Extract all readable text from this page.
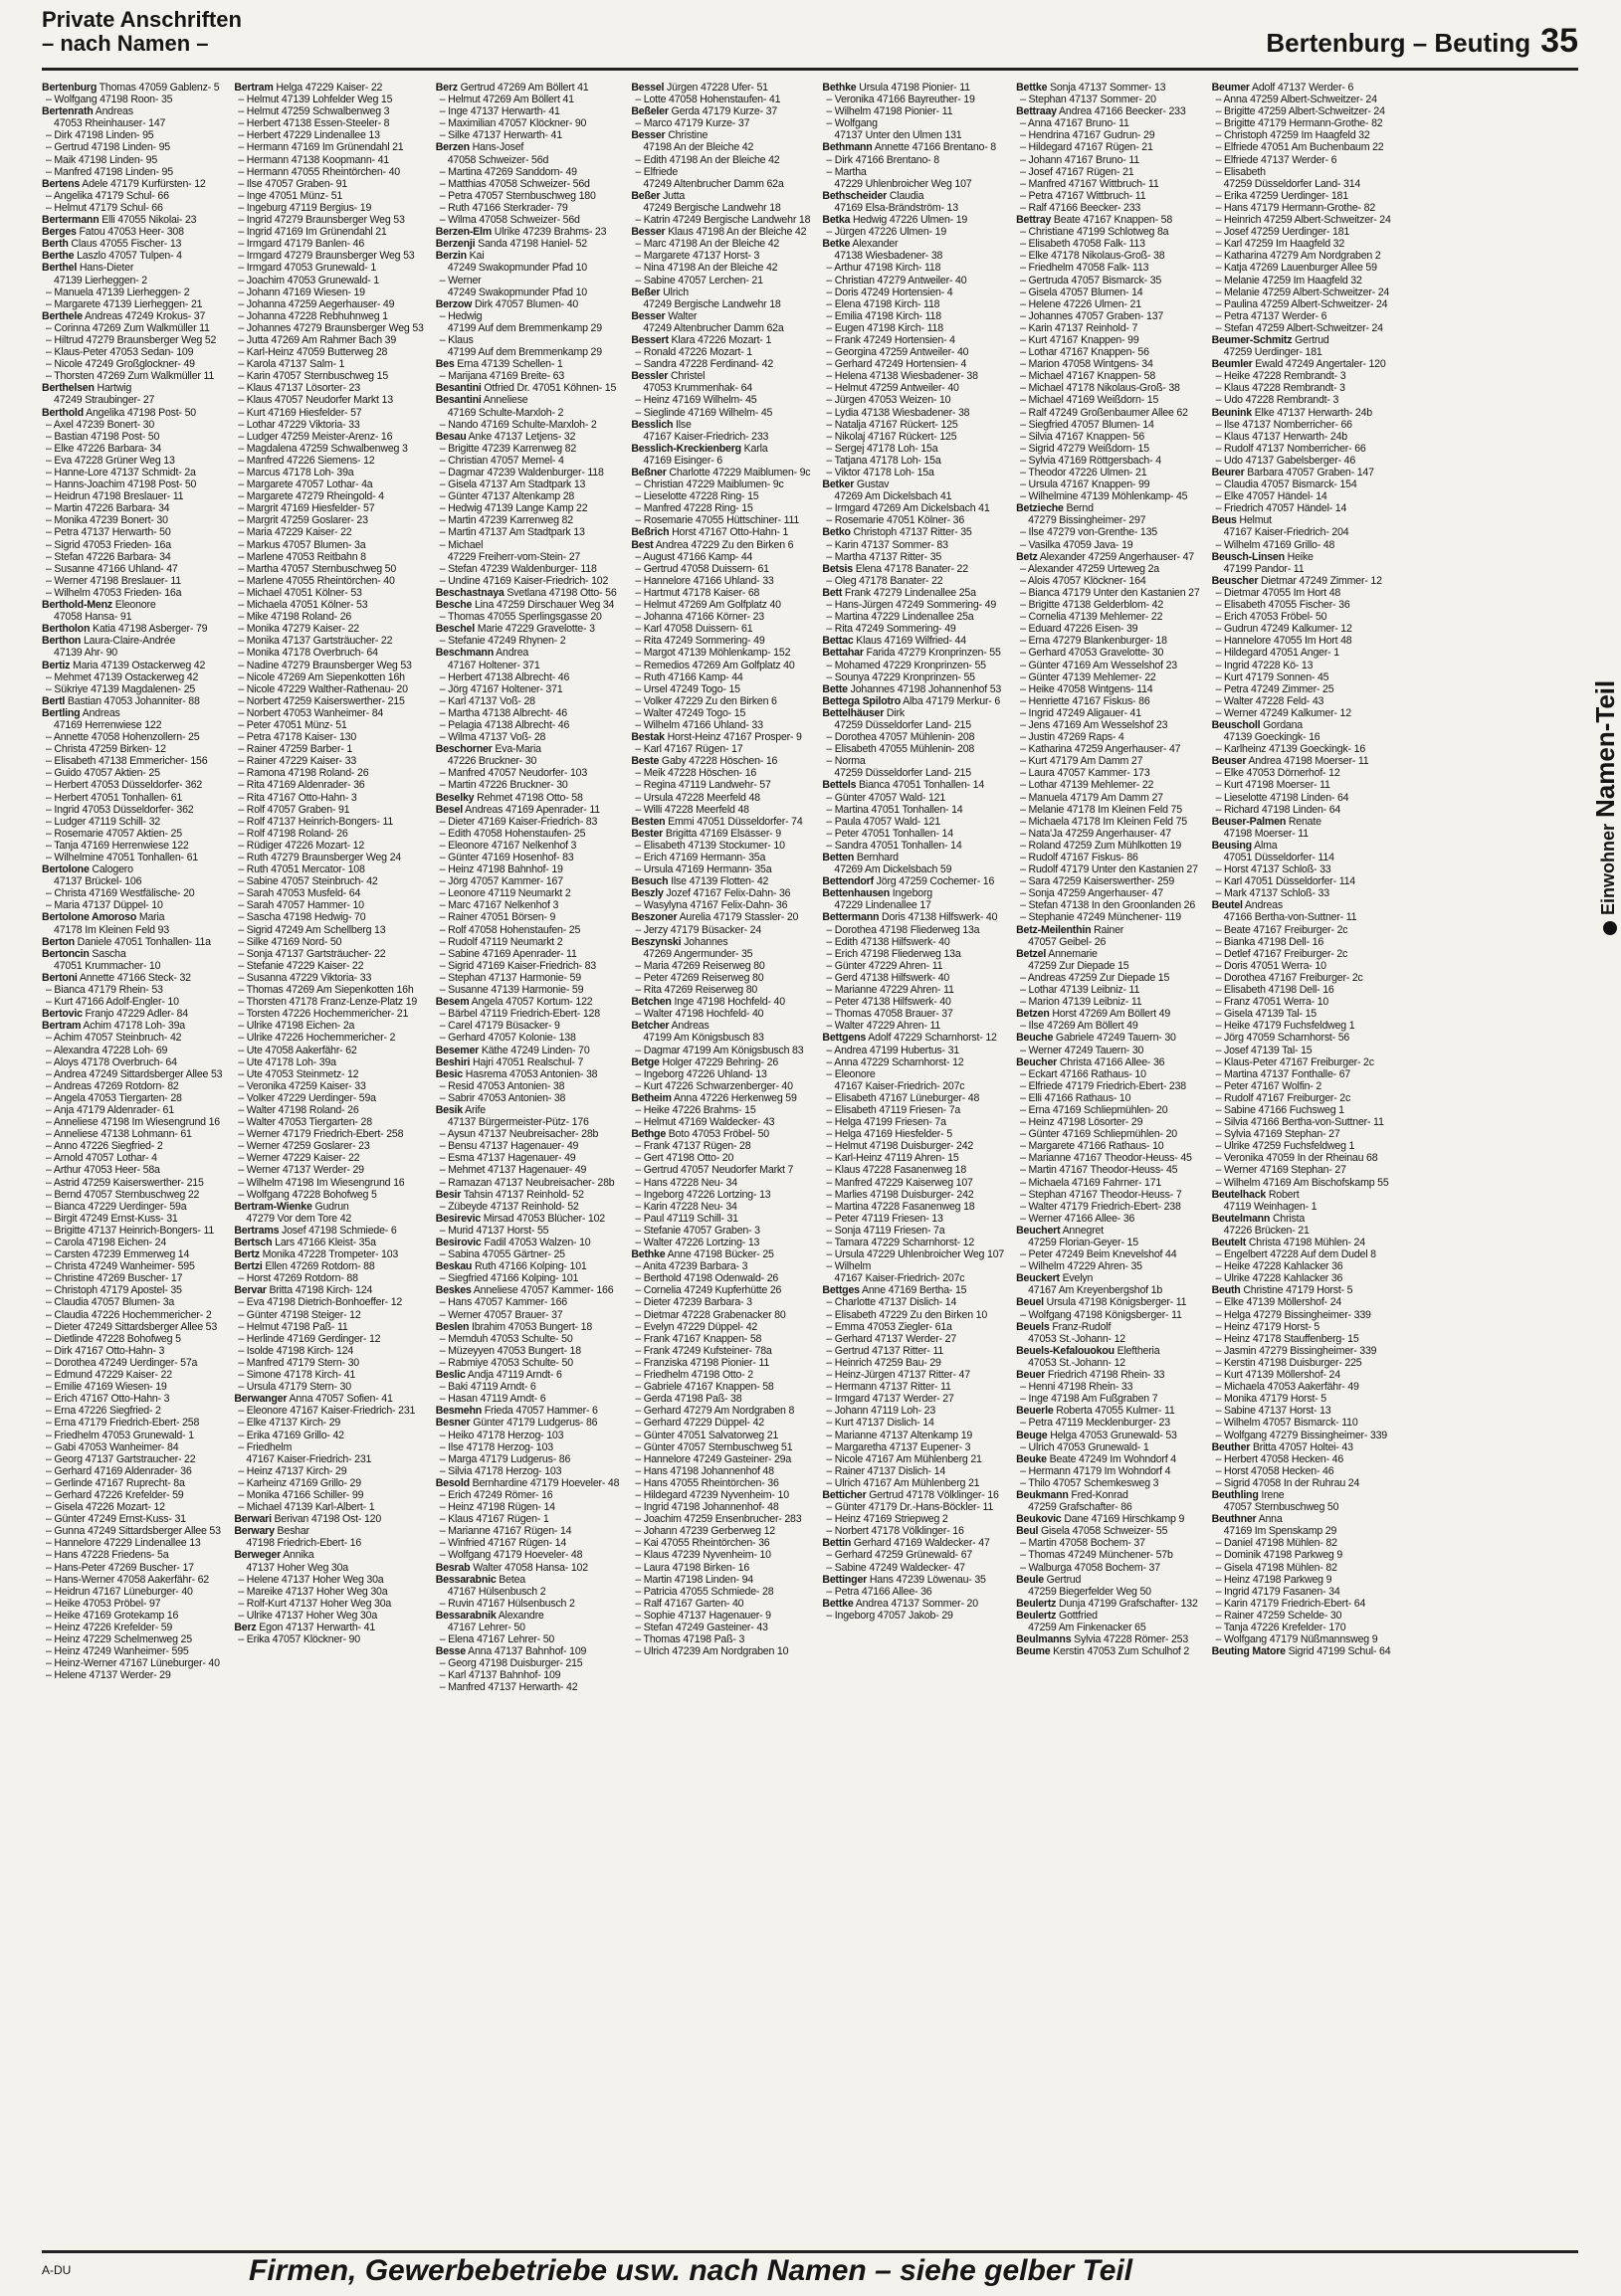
Private Anschriften
– nach Namen –	Bertenburg – Beuting 35
Bertenburg Thomas 47059 Gablenz- 5
– Wolfgang 47198 Roon- 35
Bertenrath Andreas
47053 Rheinhauser- 147
– Dirk 47198 Linden- 95
– Gertrud 47198 Linden- 95
– Maik 47198 Linden- 95
– Manfred 47198 Linden- 95
Bertens Adele 47179 Kurfürsten- 12
– Angelika 47179 Schul- 66
– Helmut 47179 Schul- 66
Bertermann Elli 47055 Nikolai- 23
Berges Fatou 47053 Heer- 308
Berth Claus 47055 Fischer- 13
Berthe Laszlo 47057 Tulpen- 4
Berthel Hans-Dieter
47139 Lierheggen- 2
– Manuela 47139 Lierheggen- 2
– Margarete 47139 Lierheggen- 21
Berthele Andreas 47249 Krokus- 37
– Corinna 47269 Zum Walkmüller 11
– Hiltrud 47279 Braunsberger Weg 52
– Klaus-Peter 47053 Sedan- 109
– Nicole 47249 Großglockner- 49
– Thorsten 47269 Zum Walkmüller 11
Berthelsen Hartwig
47249 Straubinger- 27
Berthold Angelika 47198 Post- 50
– Axel 47239 Bonert- 30
– Bastian 47198 Post- 50
– Elke 47226 Barbara- 34
– Eva 47228 Grüner Weg 13
– Hanne-Lore 47137 Schmidt- 2a
– Hanns-Joachim 47198 Post- 50
– Heidrun 47198 Breslauer- 11
– Martin 47226 Barbara- 34
– Monika 47239 Bonert- 30
– Petra 47137 Herwarth- 50
– Sigrid 47053 Frieden- 16a
– Stefan 47226 Barbara- 34
– Susanne 47166 Uhland- 47
– Werner 47198 Breslauer- 11
– Wilhelm 47053 Frieden- 16a
Berthold-Menz Eleonore
47058 Hansa- 91
Bertholon Katia 47198 Asberger- 79
Berthon Laura-Claire-Andrée
47139 Ahr- 90
Bertiz Maria 47139 Ostackerweg 42
– Mehmet 47139 Ostackerweg 42
– Sükriye 47139 Magdalenen- 25
Bertl Bastian 47053 Johanniter- 88
Bertling Andreas
47169 Herrenwiese 122
– Annette 47058 Hohenzollern- 25
– Christa 47259 Birken- 12
– Elisabeth 47138 Emmericher- 156
– Guido 47057 Aktien- 25
– Herbert 47053 Düsseldorfer- 362
– Herbert 47051 Tonhallen- 61
– Ingrid 47053 Düsseldorfer- 362
– Ludger 47119 Schill- 32
– Rosemarie 47057 Aktien- 25
– Tanja 47169 Herrenwiese 122
– Wilhelmine 47051 Tonhallen- 61
Bertolone Calogero
47137 Brückel- 106
– Christa 47169 Westfälische- 20
– Maria 47137 Düppel- 10
Bertolone Amoroso Maria
47178 Im Kleinen Feld 93
Berton Daniele 47051 Tonhallen- 11a
Bertoncin Sascha
47051 Krummacher- 10
Bertoni Annette 47166 Steck- 32
– Bianca 47179 Rhein- 53
– Kurt 47166 Adolf-Engler- 10
Bertovic Franjo 47229 Adler- 84
Bertram Achim 47178 Loh- 39a
– Achim 47057 Steinbruch- 42
– Alexandra 47228 Loh- 69
– Aloys 47178 Overbruch- 64
– Andrea 47249 Sittardsberger Allee 53
– Andreas 47269 Rotdorn- 82
– Angela 47053 Tiergarten- 28
– Anja 47179 Aldenrader- 61
– Anneliese 47198 Im Wiesengrund 16
– Anneliese 47138 Lohmann- 61
– Anno 47226 Siegfried- 2
– Arnold 47057 Lothar- 4
– Arthur 47053 Heer- 58a
– Astrid 47259 Kaiserswerther- 215
– Bernd 47057 Sternbuschweg 22
– Bianca 47229 Uerdinger- 59a
– Birgit 47249 Ernst-Kuss- 31
– Brigitte 47137 Heinrich-Bongers- 11
– Carola 47198 Eichen- 24
– Carsten 47239 Emmerweg 14
– Christa 47249 Wanheimer- 595
– Christine 47269 Buscher- 17
– Christoph 47179 Apostel- 35
– Claudia 47057 Blumen- 3a
– Claudia 47226 Hochemmericher- 2
– Dieter 47249 Sittardsberger Allee 53
– Dietlinde 47228 Bohofweg 5
– Dirk 47167 Otto-Hahn- 3
– Dorothea 47249 Uerdinger- 57a
– Edmund 47229 Kaiser- 22
– Emilie 47169 Wiesen- 19
– Erich 47167 Otto-Hahn- 3
– Erna 47226 Siegfried- 2
– Erna 47179 Friedrich-Ebert- 258
– Friedhelm 47053 Grunewald- 1
– Gabi 47053 Wanheimer- 84
– Georg 47137 Gartstraucher- 22
– Gerhard 47169 Aldenrader- 36
– Gerlinde 47167 Ruprecht- 8a
– Gerhard 47226 Krefelder- 59
– Gisela 47226 Mozart- 12
– Günter 47249 Ernst-Kuss- 31
– Gunna 47249 Sittardsberger Allee 53
– Hannelore 47229 Lindenallee 13
– Hans 47228 Friedens- 5a
– Hans-Peter 47269 Buscher- 17
– Hans-Werner 47058 Aakerfähr- 62
– Heidrun 47167 Lüneburger- 40
– Heike 47053 Pröbel- 97
– Heike 47169 Grotekamp 16
– Heinz 47226 Krefelder- 59
– Heinz 47229 Schelmenweg 25
– Heinz 47249 Wanheimer- 595
– Heinz-Werner 47167 Lüneburger- 40
– Helene 47137 Werder- 29
Bertram Helga 47229 Kaiser- 22
– Helmut 47139 Lohfelder Weg 15
– Helmut 47259 Schwalbenweg 3
– Herbert 47138 Essen-Steeler- 8
– Herbert 47229 Lindenallee 13
– Hermann 47169 Im Grünendahl 21
– Hermann 47138 Koopmann- 41
– Hermann 47055 Rheintörchen- 40
– Ilse 47057 Graben- 91
– Inge 47051 Münz- 51
– Ingeburg 47119 Bergius- 19
– Ingrid 47279 Braunsberger Weg 53
– Ingrid 47169 Im Grünendahl 21
– Irmgard 47179 Banlen- 46
– Irmgard 47279 Braunsberger Weg 53
– Irmgard 47053 Grunewald- 1
– Joachim 47053 Grunewald- 1
– Johann 47169 Wiesen- 19
– Johanna 47259 Aegerhauser- 49
– Johanna 47228 Rebhuhnweg 1
– Johannes 47279 Braunsberger Weg 53
– Jutta 47269 Am Rahmer Bach 39
– Karl-Heinz 47059 Butterweg 28
– Karola 47137 Salm- 1
– Karin 47057 Sternbuschweg 15
– Klaus 47137 Lösorter- 23
– Klaus 47057 Neudorfer Markt 13
– Kurt 47169 Hiesfelder- 57
– Lothar 47229 Viktoria- 33
– Ludger 47259 Meister-Arenz- 16
– Magdalena 47259 Schwalbenweg 3
– Manfred 47226 Siemens- 12
– Marcus 47178 Loh- 39a
– Margarete 47057 Lothar- 4a
– Margarete 47279 Rheingold- 4
– Margrit 47169 Hiesfelder- 57
– Margrit 47259 Goslarer- 23
– Maria 47229 Kaiser- 22
– Markus 47057 Blumen- 3a
– Marlene 47053 Reitbahn 8
– Martha 47057 Sternbuschweg 50
– Marlene 47055 Rheintörchen- 40
– Michael 47051 Kölner- 53
– Michaela 47051 Kölner- 53
– Mike 47198 Roland- 26
– Monika 47279 Kaiser- 22
– Monika 47137 Gartsträucher- 22
– Monika 47178 Overbruch- 64
– Nadine 47279 Braunsberger Weg 53
– Nicole 47269 Am Siepenkotten 16h
– Nicole 47229 Walther-Rathenau- 20
– Norbert 47259 Kaiserswerther- 215
– Norbert 47053 Wanheimer- 84
– Peter 47051 Münz- 51
– Petra 47178 Kaiser- 130
– Rainer 47259 Barber- 1
– Rainer 47229 Kaiser- 33
– Ramona 47198 Roland- 26
– Rita 47169 Aldenrader- 36
– Rita 47167 Otto-Hahn- 3
– Rolf 47057 Graben- 91
– Rolf 47137 Heinrich-Bongers- 11
– Rolf 47198 Roland- 26
– Rüdiger 47226 Mozart- 12
– Ruth 47279 Braunsberger Weg 24
– Ruth 47051 Mercator- 108
– Sabine 47057 Steinbruch- 42
– Sarah 47053 Musfeld- 64
– Sarah 47057 Hammer- 10
– Sascha 47198 Hedwig- 70
– Sigrid 47249 Am Schellberg 13
– Silke 47169 Nord- 50
– Sonja 47137 Gartsträucher- 22
– Stefanie 47229 Kaiser- 22
– Susanna 47229 Viktoria- 33
– Thomas 47269 Am Siepenkotten 16h
– Thorsten 47178 Franz-Lenze-Platz 19
– Torsten 47226 Hochemmericher- 21
– Ulrike 47198 Eichen- 2a
– Ulrike 47226 Hochemmericher- 2
– Ute 47058 Aakerfähr- 62
– Ute 47178 Loh- 39a
– Ute 47053 Steinmetz- 12
– Veronika 47259 Kaiser- 33
– Volker 47229 Uerdinger- 59a
– Walter 47198 Roland- 26
– Walter 47053 Tiergarten- 28
– Werner 47179 Friedrich-Ebert- 258
– Werner 47259 Goslarer- 23
– Werner 47229 Kaiser- 22
– Werner 47137 Werder- 29
– Wilhelm 47198 Im Wiesengrund 16
– Wolfgang 47228 Bohofweg 5
Bertram-Wienke Gudrun
47279 Vor dem Tore 42
Bertrams Josef 47198 Schmiede- 6
Bertsch Lars 47166 Kleist- 35a
Bertz Monika 47228 Trompeter- 103
Bertzi Ellen 47269 Rotdorn- 88
– Horst 47269 Rotdorn- 88
Bervar Britta 47198 Kirch- 124
– Eva 47198 Dietrich-Bonhoeffer- 12
– Günter 47198 Steiger- 12
– Helmut 47198 Paß- 11
– Herlinde 47169 Gerdinger- 12
– Isolde 47198 Kirch- 124
– Manfred 47179 Stern- 30
– Simone 47178 Kirch- 41
– Ursula 47179 Stern- 30
Berwanger Anna 47057 Sofien- 41
– Eleonore 47167 Kaiser-Friedrich- 231
– Elke 47137 Kirch- 29
– Erika 47169 Grillo- 42
– Friedhelm
47167 Kaiser-Friedrich- 231
– Heinz 47137 Kirch- 29
– Karheinz 47169 Grillo- 29
– Monika 47166 Schiller- 99
– Michael 47139 Karl-Albert- 1
Berwari Berivan 47198 Ost- 120
Berwary Beshar
47198 Friedrich-Ebert- 16
Berweger Annika
47137 Hoher Weg 30a
– Helene 47137 Hoher Weg 30a
– Mareike 47137 Hoher Weg 30a
– Rolf-Kurt 47137 Hoher Weg 30a
– Ulrike 47137 Hoher Weg 30a
Berz Egon 47137 Herwarth- 41
– Erika 47057 Klöckner- 90
Berz Gertrud 47269 Am Böllert 41
– Helmut 47269 Am Böllert 41
– Inge 47137 Herwarth- 41
– Maximilian 47057 Klöckner- 90
– Silke 47137 Herwarth- 41
Berzen Hans-Josef
47058 Schweizer- 56d
– Martina 47269 Sanddorn- 49
– Matthias 47058 Schweizer- 56d
– Petra 47057 Sternbuschweg 180
– Ruth 47166 Sterkrader- 79
– Wilma 47058 Schweizer- 56d
Berzen-Elm Ulrike 47239 Brahms- 23
Berzenji Sanda 47198 Haniel- 52
Berzin Kai
47249 Swakopmunder Pfad 10
– Werner
47249 Swakopmunder Pfad 10
Berzow Dirk 47057 Blumen- 40
– Hedwig
47199 Auf dem Bremmenkamp 29
– Klaus
47199 Auf dem Bremmenkamp 29
Bes Erna 47139 Schellen- 1
– Marijana 47169 Breite- 63
Besantini Otfried Dr. 47051 Köhnen- 15
Besantini Anneliese
47169 Schulte-Marxloh- 2
– Nando 47169 Schulte-Marxloh- 2
Besau Anke 47137 Letjens- 32
– Brigitte 47239 Karrenweg 82
– Christian 47057 Memel- 4
– Dagmar 47239 Waldenburger- 118
– Gisela 47137 Am Stadtpark 13
– Günter 47137 Altenkamp 28
– Hedwig 47139 Lange Kamp 22
– Martin 47239 Karrenweg 82
– Martin 47137 Am Stadtpark 13
– Michael
47229 Freiherr-vom-Stein- 27
– Stefan 47239 Waldenburger- 118
– Undine 47169 Kaiser-Friedrich- 102
Beschastnaya Svetlana 47198 Otto- 56
Besche Lina 47259 Dirschauer Weg 34
– Thomas 47055 Sperlingsgasse 20
Beschel Marie 47229 Gravelotte- 3
– Stefanie 47249 Rhynen- 2
Beschmann Andrea
47167 Holtener- 371
– Herbert 47138 Albrecht- 46
– Jörg 47167 Holtener- 371
– Karl 47137 Voß- 28
– Martha 47138 Albrecht- 46
– Pelagia 47138 Albrecht- 46
– Wilma 47137 Voß- 28
Beschorner Eva-Maria
47226 Bruckner- 30
– Manfred 47057 Neudorfer- 103
– Martin 47226 Bruckner- 30
Beselky Rehmet 47198 Otto- 58
Besel Andreas 47169 Apenrader- 11
– Dieter 47169 Kaiser-Friedrich- 83
– Edith 47058 Hohenstaufen- 25
– Eleonore 47167 Nelkenhof 3
– Günter 47169 Hosenhof- 83
– Heinz 47198 Bahnhof- 19
– Jörg 47057 Kammer- 167
– Leonore 47119 Neumarkt 2
– Marc 47167 Nelkenhof 3
– Rainer 47051 Börsen- 9
– Rolf 47058 Hohenstaufen- 25
– Rudolf 47119 Neumarkt 2
– Sabine 47169 Apenrader- 11
– Sigrid 47169 Kaiser-Friedrich- 83
– Stephan 47137 Harmonie- 59
– Susanne 47139 Harmonie- 59
Besem Angela 47057 Kortum- 122
– Bärbel 47119 Friedrich-Ebert- 128
– Carel 47179 Büsacker- 9
– Gerhard 47057 Kolonie- 138
Besemer Käthe 47249 Linden- 70
Beshiri Hajri 47051 Realschul- 7
Besic Hasrema 47053 Antonien- 38
– Resid 47053 Antonien- 38
– Sabrir 47053 Antonien- 38
Besik Arife
47137 Bürgermeister-Pütz- 176
– Aysun 47137 Neubreisacher- 28b
– Bensu 47137 Hagenauer- 49
– Esma 47137 Hagenauer- 49
– Mehmet 47137 Hagenauer- 49
– Ramazan 47137 Neubreisacher- 28b
Besir Tahsin 47137 Reinhold- 52
– Zübeyde 47137 Reinhold- 52
Besirevic Mirsad 47053 Blücher- 102
– Murid 47137 Horst- 55
Besirovic Fadil 47053 Walzen- 10
– Sabina 47055 Gärtner- 25
Beskau Ruth 47166 Kolping- 101
– Siegfried 47166 Kolping- 101
Beskes Anneliese 47057 Kammer- 166
– Hans 47057 Kammer- 166
– Werner 47057 Brauer- 37
Beslen Ibrahim 47053 Bungert- 18
– Memduh 47053 Schulte- 50
– Müzeyyen 47053 Bungert- 18
– Rabmiye 47053 Schulte- 50
Beslic Andja 47119 Arndt- 6
– Baki 47119 Arndt- 6
– Hasan 47119 Arndt- 6
Besmehn Frieda 47057 Hammer- 6
Besner Günter 47179 Ludgerus- 86
– Heiko 47178 Herzog- 103
– Ilse 47178 Herzog- 103
– Marga 47179 Ludgerus- 86
– Silvia 47178 Herzog- 103
Besold Bernhardine 47179 Hoeveler- 48
– Erich 47249 Römer- 16
– Heinz 47198 Rügen- 14
– Klaus 47167 Rügen- 1
– Marianne 47167 Rügen- 14
– Winfried 47167 Rügen- 14
– Wolfgang 47179 Hoeveler- 48
Besrab Walter 47058 Hansa- 102
Bessarabnic Betea
47167 Hülsenbusch 2
– Ruvin 47167 Hülsenbusch 2
Bessarabnik Alexandre
47167 Lehrer- 50
– Elena 47167 Lehrer- 50
Besse Anna 47137 Bahnhof- 109
– Georg 47198 Duisburger- 215
– Karl 47137 Bahnhof- 109
– Manfred 47137 Herwarth- 42
Bessel Jürgen 47228 Ufer- 51
– Lotte 47058 Hohenstaufen- 41
Beßeler Gerda 47179 Kurze- 37
– Marco 47179 Kurze- 37
Besser Christine
47198 An der Bleiche 42
– Edith 47198 An der Bleiche 42
– Elfriede
47249 Altenbrucher Damm 62a
Beßer Jutta
47249 Bergische Landwehr 18
– Katrin 47249 Bergische Landwehr 18
Besser Klaus 47198 An der Bleiche 42
– Marc 47198 An der Bleiche 42
– Margarete 47137 Horst- 3
– Nina 47198 An der Bleiche 42
– Sabine 47057 Lerchen- 21
Beßer Ulrich
47249 Bergische Landwehr 18
Besser Walter
47249 Altenbrucher Damm 62a
Bessert Klara 47226 Mozart- 1
– Ronald 47226 Mozart- 1
– Sandra 47228 Ferdinand- 42
Bessler Christel
47053 Krummenhak- 64
– Heinz 47169 Wilhelm- 45
– Sieglinde 47169 Wilhelm- 45
Besslich Ilse
47167 Kaiser-Friedrich- 233
Besslich-Kreckienberg Karla
47169 Eisinger- 6
Beßner Charlotte 47229 Maiblumen- 9c
– Christian 47229 Maiblumen- 9c
– Lieselotte 47228 Ring- 15
– Manfred 47228 Ring- 15
– Rosemarie 47055 Hüttschiner- 111
Beßrich Horst 47167 Otto-Hahn- 1
Best Andrea 47229 Zu den Birken 6
– August 47166 Kamp- 44
– Gertrud 47058 Duissern- 61
– Hannelore 47166 Uhland- 33
– Hartmut 47178 Kaiser- 68
– Helmut 47269 Am Golfplatz 40
– Johanna 47166 Körner- 23
– Karl 47058 Duissern- 61
– Rita 47249 Sommering- 49
– Margot 47139 Möhlenkamp- 152
– Remedios 47269 Am Golfplatz 40
– Ruth 47166 Kamp- 44
– Ursel 47249 Togo- 15
– Volker 47229 Zu den Birken 6
– Walter 47249 Togo- 15
– Wilhelm 47166 Uhland- 33
Bestak Horst-Heinz 47167 Prosper- 9
– Karl 47167 Rügen- 17
Beste Gaby 47228 Höschen- 16
– Meik 47228 Höschen- 16
– Regina 47119 Landwehr- 57
– Ursula 47228 Meerfeld 48
– Willi 47228 Meerfeld 48
Besten Emmi 47051 Düsseldorfer- 74
Bester Brigitta 47169 Elsässer- 9
– Elisabeth 47139 Stockumer- 10
– Erich 47169 Hermann- 35a
– Ursula 47169 Hermann- 35a
Besuch Ilse 47139 Flotten- 42
Beszly Jozef 47167 Felix-Dahn- 36
– Wasylyna 47167 Felix-Dahn- 36
Beszoner Aurelia 47179 Stassler- 20
– Jerzy 47179 Büsacker- 24
Beszynski Johannes
47269 Angermunder- 35
– Maria 47269 Reiserweg 80
– Peter 47269 Reiserweg 80
– Rita 47269 Reiserweg 80
Betchen Inge 47198 Hochfeld- 40
– Walter 47198 Hochfeld- 40
Betcher Andreas
47199 Am Königsbusch 83
– Dagmar 47199 Am Königsbusch 83
Betge Holger 47229 Behring- 26
– Ingeborg 47226 Uhland- 13
– Kurt 47226 Schwarzenberger- 40
Betheim Anna 47226 Herkenweg 59
– Heike 47226 Brahms- 15
– Helmut 47169 Waldecker- 43
Bethge Boto 47053 Fröbel- 50
– Frank 47137 Rügen- 28
– Gert 47198 Otto- 20
– Gertrud 47057 Neudorfer Markt 7
– Hans 47228 Neu- 34
– Ingeborg 47226 Lortzing- 13
– Karin 47228 Neu- 34
– Paul 47119 Schill- 31
– Stefanie 47057 Graben- 3
– Walter 47226 Lortzing- 13
Bethke Anne 47198 Bücker- 25
– Anita 47239 Barbara- 3
– Berthold 47198 Odenwald- 26
– Cornelia 47249 Kupferhütte 26
– Dieter 47239 Barbara- 3
– Dietmar 47228 Grabenacker 80
– Evelyn 47229 Düppel- 42
– Frank 47167 Knappen- 58
– Frank 47249 Kufsteiner- 78a
– Franziska 47198 Pionier- 11
– Friedhelm 47198 Otto- 2
– Gabriele 47167 Knappen- 58
– Gerda 47198 Paß- 38
– Gerhard 47279 Am Nordgraben 8
– Gerhard 47229 Düppel- 42
– Günter 47051 Salvatorweg 21
– Günter 47057 Sternbuschweg 51
– Hannelore 47249 Gasteiner- 29a
– Hans 47198 Johannenhof 48
– Hans 47055 Rheintörchen- 36
– Hildegard 47239 Nyvenheim- 10
– Ingrid 47198 Johannenhof- 48
– Joachim 47259 Ensenbrucher- 283
– Johann 47239 Gerberweg 12
– Kai 47055 Rheintörchen- 36
– Klaus 47239 Nyvenheim- 10
– Laura 47198 Birken- 16
– Martin 47198 Linden- 94
– Patricia 47055 Schmiede- 28
– Ralf 47167 Garten- 40
– Sophie 47137 Hagenauer- 9
– Stefan 47249 Gasteiner- 43
– Thomas 47198 Paß- 3
– Ulrich 47239 Am Nordgraben 10
Bethke Ursula 47198 Pionier- 11
– Veronika 47166 Bayreuther- 19
– Wilhelm 47198 Pionier- 11
– Wolfgang
47137 Unter den Ulmen 131
Bethmann Annette 47166 Brentano- 8
– Dirk 47166 Brentano- 8
– Martha
47229 Uhlenbroicher Weg 107
Bethscheider Claudia
47169 Elsa-Brändström- 13
Betka Hedwig 47226 Ulmen- 19
– Jürgen 47226 Ulmen- 19
Betke Alexander
47138 Wiesbadener- 38
– Arthur 47198 Kirch- 118
– Christian 47279 Antweiler- 40
– Doris 47249 Hortensien- 4
– Elena 47198 Kirch- 118
– Emilia 47198 Kirch- 118
– Eugen 47198 Kirch- 118
– Frank 47249 Hortensien- 4
– Georgina 47259 Antweiler- 40
– Gerhard 47249 Hortensien- 4
– Helena 47138 Wiesbadener- 38
– Helmut 47259 Antweiler- 40
– Jürgen 47053 Weizen- 10
– Lydia 47138 Wiesbadener- 38
– Natalja 47167 Rückert- 125
– Nikolaj 47167 Rückert- 125
– Sergej 47178 Loh- 15a
– Tatjana 47178 Loh- 15a
– Viktor 47178 Loh- 15a
Betker Gustav
47269 Am Dickelsbach 41
– Irmgard 47269 Am Dickelsbach 41
– Rosemarie 47051 Kölner- 36
Betko Christoph 47137 Ritter- 35
– Karin 47137 Sommer- 83
– Martha 47137 Ritter- 35
Betsis Elena 47178 Banater- 22
– Oleg 47178 Banater- 22
Bett Frank 47279 Lindenallee 25a
– Hans-Jürgen 47249 Sommering- 49
– Martina 47229 Lindenallee 25a
– Rita 47249 Sommering- 49
Bettac Klaus 47169 Wilfried- 44
Bettahar Farida 47279 Kronprinzen- 55
– Mohamed 47229 Kronprinzen- 55
– Sounya 47229 Kronprinzen- 55
Bette Johannes 47198 Johannenhof 53
Bettega Spilotro Alba 47179 Merkur- 6
Bettelhäuser Dirk
47259 Düsseldorfer Land- 215
– Dorothea 47057 Mühlenin- 208
– Elisabeth 47055 Mühlenin- 208
– Norma
47259 Düsseldorfer Land- 215
Bettels Bianca 47051 Tonhallen- 14
– Günter 47057 Wald- 121
– Martina 47051 Tonhallen- 14
– Paula 47057 Wald- 121
– Peter 47051 Tonhallen- 14
– Sandra 47051 Tonhallen- 14
Betten Bernhard
47269 Am Dickelsbach 59
Bettendorf Jörg 47259 Cochemer- 16
Bettenhausen Ingeborg
47229 Lindenallee 17
Bettermann Doris 47138 Hilfswerk- 40
– Dorothea 47198 Fliederweg 13a
– Edith 47138 Hilfswerk- 40
– Erich 47198 Fliederweg 13a
– Günter 47229 Ahren- 11
– Gerd 47138 Hilfswerk- 40
– Marianne 47229 Ahren- 11
– Peter 47138 Hilfswerk- 40
– Thomas 47058 Brauer- 37
– Walter 47229 Ahren- 11
Bettgens Adolf 47229 Scharnhorst- 12
– Andrea 47199 Hubertus- 31
– Anna 47229 Scharnhorst- 12
– Eleonore
47167 Kaiser-Friedrich- 207c
– Elisabeth 47167 Lüneburger- 48
– Elisabeth 47119 Friesen- 7a
– Helga 47199 Friesen- 7a
– Helga 47169 Hiesfelder- 5
– Helmut 47198 Duisburger- 242
– Karl-Heinz 47119 Ahren- 15
– Klaus 47228 Fasanenweg 18
– Manfred 47229 Kaiserweg 107
– Marlies 47198 Duisburger- 242
– Martina 47228 Fasanenweg 18
– Peter 47119 Friesen- 13
– Sonja 47119 Friesen- 7a
– Tamara 47229 Scharnhorst- 12
– Ursula 47229 Uhlenbroicher Weg 107
– Wilhelm
47167 Kaiser-Friedrich- 207c
Bettges Anne 47169 Bertha- 15
– Charlotte 47137 Dislich- 14
– Elisabeth 47229 Zu den Birken 10
– Emma 47053 Ziegler- 61a
– Gerhard 47137 Werder- 27
– Gertrud 47137 Ritter- 11
– Heinrich 47259 Bau- 29
– Heinz-Jürgen 47137 Ritter- 47
– Hermann 47137 Ritter- 11
– Irmgard 47137 Werder- 27
– Johann 47119 Loh- 23
– Kurt 47137 Dislich- 14
– Marianne 47137 Altenkamp 19
– Margaretha 47137 Eupener- 3
– Nicole 47167 Am Mühlenberg 21
– Rainer 47137 Dislich- 14
– Ulrich 47167 Am Mühlenberg 21
Betticher Gertrud 47178 Völklinger- 16
– Günter 47179 Dr.-Hans-Böckler- 11
– Heinz 47169 Striepweg 2
– Norbert 47178 Völklinger- 16
Bettin Gerhard 47169 Waldecker- 47
– Gerhard 47259 Grünewald- 67
– Sabine 47249 Waldecker- 47
Bettinger Hans 47239 Löwenau- 35
– Petra 47166 Allee- 36
Bettke Andrea 47137 Sommer- 20
– Ingeborg 47057 Jakob- 29
Bettke Sonja 47137 Sommer- 13
– Stephan 47137 Sommer- 20
Bettraay Andrea 47166 Beecker- 233
– Anna 47167 Bruno- 11
– Hendrina 47167 Gudrun- 29
– Hildegard 47167 Rügen- 21
– Johann 47167 Bruno- 11
– Josef 47167 Rügen- 21
– Manfred 47167 Wittbruch- 11
– Petra 47167 Wittbruch- 11
– Ralf 47166 Beecker- 233
Bettray Beate 47167 Knappen- 58
– Christiane 47199 Schlotweg 8a
– Elisabeth 47058 Falk- 113
– Elke 47178 Nikolaus-Groß- 38
– Friedhelm 47058 Falk- 113
– Gertruda 47057 Bismarck- 35
– Gisela 47057 Blumen- 14
– Helene 47226 Ulmen- 21
– Johannes 47057 Graben- 137
– Karin 47137 Reinhold- 7
– Kurt 47167 Knappen- 99
– Lothar 47167 Knappen- 56
– Marion 47058 Wintgens- 34
– Michael 47167 Knappen- 58
– Michael 47178 Nikolaus-Groß- 38
– Michael 47169 Weißdorn- 15
– Ralf 47249 Großenbaumer Allee 62
– Siegfried 47057 Blumen- 14
– Silvia 47167 Knappen- 56
– Sigrid 47279 Weißdorn- 15
– Sylvia 47169 Röttgersbach- 4
– Theodor 47226 Ulmen- 21
– Ursula 47167 Knappen- 99
– Wilhelmine 47139 Möhlenkamp- 45
Betzieche Bernd
47279 Bissingheimer- 297
– Ilse 47279 von-Grenthe- 135
– Vasilka 47059 Java- 19
Betz Alexander 47259 Angerhauser- 47
– Alexander 47259 Urteweg 2a
– Alois 47057 Klöckner- 164
– Bianca 47179 Unter den Kastanien 27
– Brigitte 47138 Gelderblom- 42
– Cornelia 47139 Mehlemer- 22
– Eduard 47226 Eisen- 39
– Erna 47279 Blankenburger- 18
– Gerhard 47053 Gravelotte- 30
– Günter 47169 Am Wesselshof 23
– Günter 47139 Mehlemer- 22
– Heike 47058 Wintgens- 114
– Henriette 47167 Fiskus- 86
– Ingrid 47249 Aligauer- 41
– Jens 47169 Am Wesselshof 23
– Justin 47269 Raps- 4
– Katharina 47259 Angerhauser- 47
– Kurt 47179 Am Damm 27
– Laura 47057 Kammer- 173
– Lothar 47139 Mehlemer- 22
– Manuela 47179 Am Damm 27
– Melanie 47178 Im Kleinen Feld 75
– Michaela 47178 Im Kleinen Feld 75
– Nata'Ja 47259 Angerhauser- 47
– Roland 47259 Zum Mühlkotten 19
– Rudolf 47167 Fiskus- 86
– Rudolf 47179 Unter den Kastanien 27
– Sara 47259 Kaiserswerther- 259
– Sonja 47259 Angerhauser- 47
– Stefan 47138 In den Groonlanden 26
– Stephanie 47249 Münchener- 119
Betz-Meilenthin Rainer
47057 Geibel- 26
Betzel Annemarie
47259 Zur Diepade 15
– Andreas 47259 Zur Diepade 15
– Lothar 47139 Leibniz- 11
– Marion 47139 Leibniz- 11
Betzen Horst 47269 Am Böllert 49
– Ilse 47269 Am Böllert 49
Beuche Gabriele 47249 Tauern- 30
– Werner 47249 Tauern- 30
Beucher Christa 47166 Allee- 36
– Eckart 47166 Rathaus- 10
– Elfriede 47179 Friedrich-Ebert- 238
– Elli 47166 Rathaus- 10
– Erna 47169 Schliepmühlen- 20
– Heinz 47198 Lösorter- 29
– Günter 47169 Schliepmühlen- 20
– Margarete 47166 Rathaus- 10
– Marianne 47167 Theodor-Heuss- 45
– Martin 47167 Theodor-Heuss- 45
– Michaela 47169 Fahrner- 171
– Stephan 47167 Theodor-Heuss- 7
– Walter 47179 Friedrich-Ebert- 238
– Werner 47166 Allee- 36
Beuchert Annegret
47259 Florian-Geyer- 15
– Peter 47249 Beim Knevelshof 44
– Wilhelm 47229 Ahren- 35
Beuckert Evelyn
47167 Am Kreyenbergshof 1b
Beuel Ursula 47198 Königsberger- 11
– Wolfgang 47198 Königsberger- 11
Beuels Franz-Rudolf
47053 St.-Johann- 12
Beuels-Kefalouokou Eleftheria
47053 St.-Johann- 12
Beuer Friedrich 47198 Rhein- 33
– Henni 47198 Rhein- 33
– Inge 47198 Am Fußgraben 7
Beuerle Roberta 47055 Kulmer- 11
– Petra 47119 Mecklenburger- 23
Beuge Helga 47053 Grunewald- 53
– Ulrich 47053 Grunewald- 1
Beuke Beate 47249 Im Wohndorf 4
– Hermann 47179 Im Wohndorf 4
– Thilo 47057 Schemkesweg 3
Beukmann Fred-Konrad
47259 Grafschafter- 86
Beukovic Dane 47169 Hirschkamp 9
Beul Gisela 47058 Schweizer- 55
– Martin 47058 Bochem- 37
– Thomas 47249 Münchener- 57b
– Walburga 47058 Bochem- 37
Beule Gertrud
47259 Biegerfelder Weg 50
Beulertz Dunja 47199 Grafschafter- 132
Beulertz Gottfried
47259 Am Finkenacker 65
Beulmanns Sylvia 47228 Römer- 253
Beume Kerstin 47053 Zum Schulhof 2
Beumer Adolf 47137 Werder- 6
– Anna 47259 Albert-Schweitzer- 24
– Brigitte 47259 Albert-Schweitzer- 24
– Brigitte 47179 Hermann-Grothe- 82
– Christoph 47259 Im Haagfeld 32
– Elfriede 47051 Am Buchenbaum 22
– Elfriede 47137 Werder- 6
– Elisabeth
47259 Düsseldorfer Land- 314
– Erika 47259 Uerdinger- 181
– Hans 47179 Hermann-Grothe- 82
– Heinrich 47259 Albert-Schweitzer- 24
– Josef 47259 Uerdinger- 181
– Karl 47259 Im Haagfeld 32
– Katharina 47279 Am Nordgraben 2
– Katja 47269 Lauenburger Allee 59
– Melanie 47259 Im Haagfeld 32
– Melanie 47259 Albert-Schweitzer- 24
– Paulina 47259 Albert-Schweitzer- 24
– Petra 47137 Werder- 6
– Stefan 47259 Albert-Schweitzer- 24
Beumer-Schmitz Gertrud
47259 Uerdinger- 181
Beumler Ewald 47249 Angertaler- 120
– Heike 47228 Rembrandt- 3
– Klaus 47228 Rembrandt- 3
– Udo 47228 Rembrandt- 3
Beunink Elke 47137 Herwarth- 24b
– Ilse 47137 Nomberricher- 66
– Klaus 47137 Herwarth- 24b
– Rudolf 47137 Nomberricher- 66
– Udo 47137 Gabelsberger- 46
Beurer Barbara 47057 Graben- 147
– Claudia 47057 Bismarck- 154
– Elke 47057 Händel- 14
– Friedrich 47057 Händel- 14
Beus Helmut
47167 Kaiser-Friedrich- 204
– Wilhelm 47169 Grillo- 48
Beusch-Linsen Heike
47199 Pandor- 11
Beuscher Dietmar 47249 Zimmer- 12
– Dietmar 47055 Im Hort 48
– Elisabeth 47055 Fischer- 36
– Erich 47053 Fröbel- 50
– Gudrun 47249 Kalkumer- 12
– Hannelore 47055 Im Hort 48
– Hildegard 47051 Anger- 1
– Ingrid 47228 Kö- 13
– Kurt 47179 Sonnen- 45
– Petra 47249 Zimmer- 25
– Walter 47228 Feld- 43
– Werner 47249 Kalkumer- 12
Beuscholl Gordana
47139 Goeckingk- 16
– Karlheinz 47139 Goeckingk- 16
Beuser Andrea 47198 Moerser- 11
– Elke 47053 Dörnerhof- 12
– Kurt 47198 Moerser- 11
– Lieselotte 47198 Linden- 64
– Richard 47198 Linden- 64
Beuser-Palmen Renate
47198 Moerser- 11
Beusing Alma
47051 Düsseldorfer- 114
– Horst 47137 Schloß- 33
– Karl 47051 Düsseldorfer- 114
– Mark 47137 Schloß- 33
Beutel Andreas
47166 Bertha-von-Suttner- 11
– Beate 47167 Freiburger- 2c
– Bianka 47198 Dell- 16
– Detlef 47167 Freiburger- 2c
– Doris 47051 Werra- 10
– Dorothea 47167 Freiburger- 2c
– Elisabeth 47198 Dell- 16
– Franz 47051 Werra- 10
– Gisela 47139 Tal- 15
– Heike 47179 Fuchsfeldweg 1
– Jörg 47059 Scharnhorst- 56
– Josef 47139 Tal- 15
– Klaus-Peter 47167 Freiburger- 2c
– Martina 47137 Fonthalle- 67
– Peter 47167 Wolfin- 2
– Rudolf 47167 Freiburger- 2c
– Sabine 47166 Fuchsweg 1
– Silvia 47166 Bertha-von-Suttner- 11
– Sylvia 47169 Stephan- 27
– Ulrike 47259 Fuchsfeldweg 1
– Veronika 47059 In der Rheinau 68
– Werner 47169 Stephan- 27
– Wilhelm 47169 Am Bischofskamp 55
Beutelhack Robert
47119 Weinhagen- 1
Beutelmann Christa
47226 Brücken- 21
Beutelt Christa 47198 Mühlen- 24
– Engelbert 47228 Auf dem Dudel 8
– Heike 47228 Kahlacker 36
– Ulrike 47228 Kahlacker 36
Beuth Christine 47179 Horst- 5
– Elke 47139 Möllershof- 24
– Helga 47279 Bissingheimer- 339
– Heinz 47179 Horst- 5
– Heinz 47178 Stauffenberg- 15
– Jasmin 47279 Bissingheimer- 339
– Kerstin 47198 Duisburger- 225
– Kurt 47139 Möllershof- 24
– Michaela 47053 Aakerfähr- 49
– Monika 47179 Horst- 5
– Sabine 47137 Horst- 13
– Wilhelm 47057 Bismarck- 110
– Wolfgang 47279 Bissingheimer- 339
Beuther Britta 47057 Holtei- 43
– Herbert 47058 Hecken- 46
– Horst 47058 Hecken- 46
– Sigrid 47058 In der Ruhrau 24
Beuthling Irene
47057 Sternbuschweg 50
Beuthner Anna
47169 Im Spenskamp 29
– Daniel 47198 Mühlen- 82
– Dominik 47198 Parkweg 9
– Gisela 47198 Mühlen- 82
– Heinz 47198 Parkweg 9
– Ingrid 47179 Fasanen- 34
– Karin 47179 Friedrich-Ebert- 64
– Rainer 47259 Schelde- 30
– Tanja 47226 Krefelder- 170
– Wolfgang 47179 Nüßmannsweg 9
Beuting Matore Sigrid 47199 Schul- 64
EinwohnerNamen-Teil
A-DU	Firmen, Gewerbebetriebe usw. nach Namen – siehe gelber Teil
